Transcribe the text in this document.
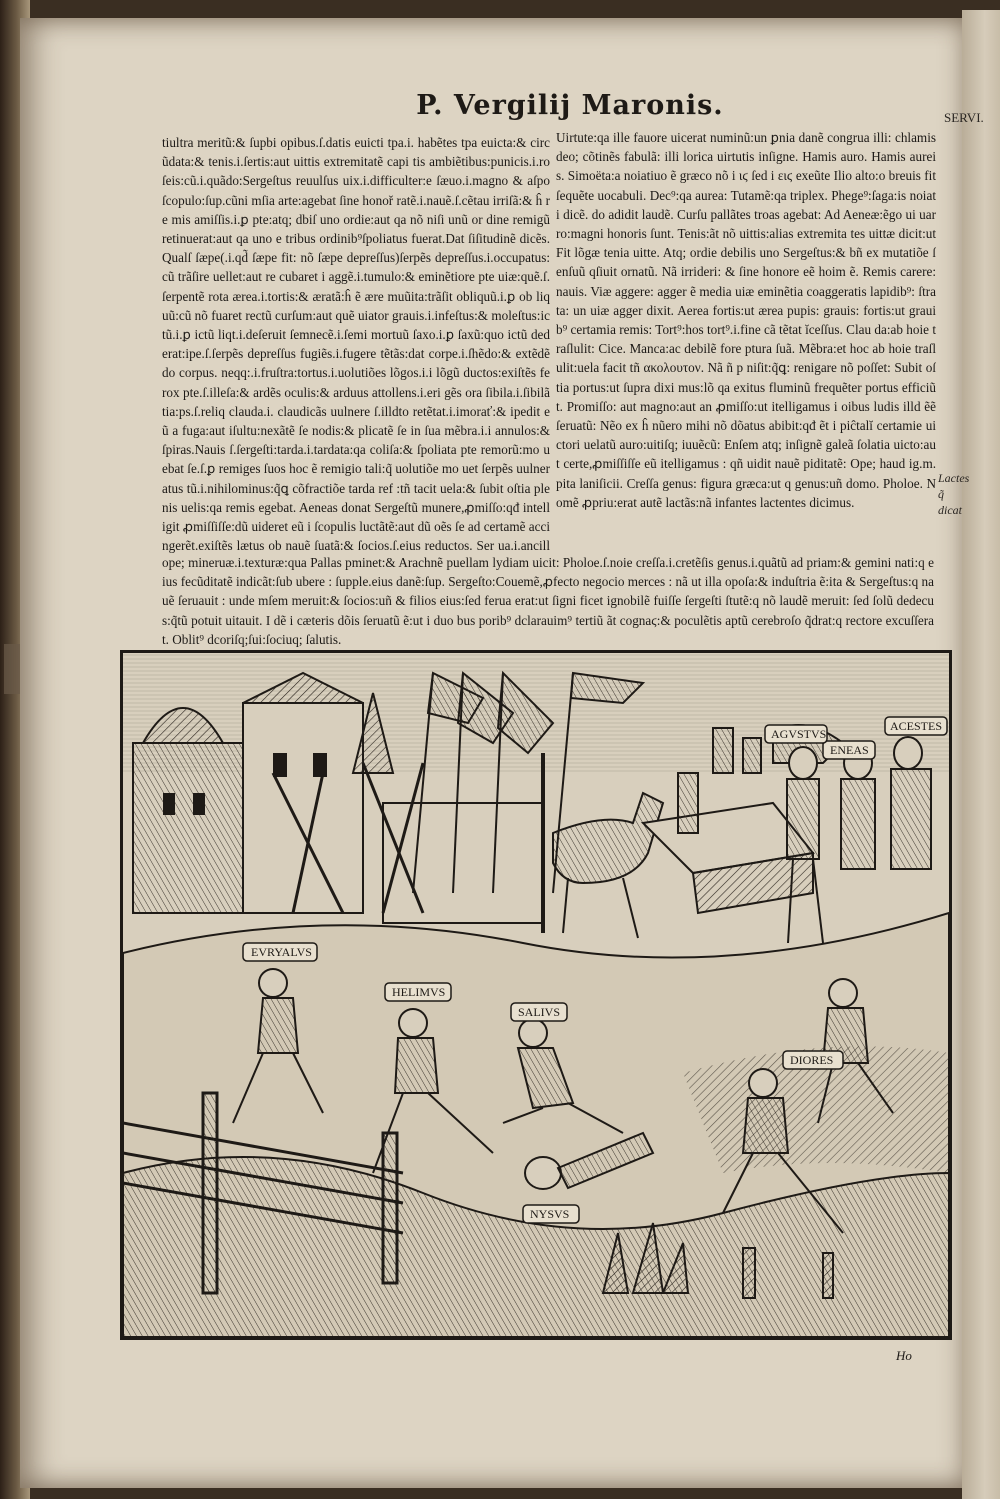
SERVI.
P. Vergilij Maronis.
tiultra meritũ:& ſupbi opibus.ſ.datis euicti tpa.i. habẽtes tpa euicta:& circũdata:& tenis.i.ſertis:aut uittis extremitatẽ capi tis ambiẽtibus:punicis.i.roſeis:cũ.i.quãdo:Sergeſtus reuulſus uix.i.difficulter:e ſæuo.i.magno & aſpo ſcopulo:ſup.cũni mſia arte:agebat ſine honoř ratẽ.i.nauẽ.ſ.cẽtau irriſã:& ĥ re mis amiſſis.i.ꝑ pte:atq; dbiſ uno ordie:aut qa nõ niſi unũ or dine remigũ retinuerat:aut qa uno e tribus ordinib⁹ſpoliatus fuerat.Dat ſiſitudinẽ dicẽs.Qualſ ſæpe(.i.qd̃ ſæpe fit: nõ ſæpe depreſſus)ſerpẽs depreſſus.i.occupatus:cũ trãſire uellet:aut re cubaret i aggẽ.i.tumulo:& eminẽtiore pte uiæ:quẽ.ſ.ſerpentẽ rota ærea.i.tortis:& æratã:ĥ ẽ ære muũita:trãſit obliquũ.i.ꝑ ob liquũ:cũ nõ fuaret rectũ curſum:aut quẽ uiator grauis.i.infeſtus:& moleſtus:ictũ.i.ꝑ ictũ liqt.i.deſeruit ſemnecẽ.i.ſemi mortuũ ſaxo.i.ꝑ ſaxũ:quo ictũ dederat:ipe.ſ.ſerpẽs depreſſus fugiẽs.i.fugere tẽtãs:dat corpe.i.ſhẽdo:& extẽdẽdo corpus. neqq:.i.fruſtra:tortus.i.uolutiões lõgos.i.i lõgũ ductos:exiſtẽs ferox pte.ſ.illeſa:& ardẽs oculis:& arduus attollens.i.eri gẽs ora ſibila.i.ſibilãtia:ps.ſ.reliq clauda.i. claudicãs uulnere ſ.illdto retẽtat.i.imorať:& ipedit eũ a fuga:aut iſultu:nexãtẽ ſe nodis:& plicatẽ ſe in ſua mẽbra.i.i annulos:& ſpiras.Nauis ſ.ſergeſti:tarda.i.tardata:qa coliſa:& ſpoliata pte remorũ:mo uebat ſe.ſ.ꝑ remiges ſuos hoc ẽ remigio tali:q̃ uolutiõe mo uet ſerpẽs uulneratus tũ.i.nihilominus:q̃ꝗ cõfractiõe tarda ref :tñ tacit uela:& ſubit oſtia plenis uelis:qa remis egebat. Aeneas donat Sergeſtũ munere,ꝓmiſſo:qđ intelligit ꝓmiſſiſſe:dũ uideret eũ i ſcopulis luctãtẽ:aut dũ oẽs ſe ad certamẽ accingerẽt.exiſtẽs lætus ob nauẽ ſuatã:& ſocios.ſ.eius reductos. Ser ua.i.ancill
Uirtute:qa ille fauore uicerat numinũ:un ꝑnia danẽ congrua illi: chlamis deo; cõtinẽs fabulã: illi lorica uirtutis inſigne. Hamis auro. Hamis aureis. Simoëta:a noiatiuo ẽ græco nõ i ιϛ ſed i ειϛ exeũte Ilio alto:o breuis fit ſequẽte uocabuli. Dec⁹:qa aurea: Tutamẽ:qa triplex. Phege⁹:ſaga:is noiati dicẽ. do adidit laudẽ. Curſu pallãtes troas agebat: Ad Aeneæ:ẽgo ui uarro:magni honoris ſunt. Tenis:ãt nõ uittis:alias extremita tes uittæ dicit:ut Fit lõgæ tenia uitte. Atq; ordie debilis uno Sergeſtus:& bñ ex mutatiõe ſenſuũ qſiuit ornatũ. Nã irrideri: & ſine honore eẽ hoim ẽ. Remis carere: nauis. Viæ aggere: agger ẽ media uiæ eminẽtia coaggeratis lapidib⁹: ſtrata: un uiæ agger dixit. Aerea fortis:ut ærea pupis: grauis: fortis:ut graui b⁹ certamia remis: Tort⁹:hos tort⁹.i.fine cã tẽtat ĭceſſus. Clau da:ab hoie traſlulit: Cice. Manca:ac debilẽ fore ptura ſuã. Mẽbra:et hoc ab hoie traſlulit:uela facit tñ ακολουτον. Nã ñ p niſit:q̃ꝗ: renigare nõ poſſet: Subit oſtia portus:ut ſupra dixi mus:lõ qa exitus fluminũ frequẽter portus efficiũt. Promiſſo: aut magno:aut an ꝓmiſſo:ut itelligamus i oibus ludis illd ẽẽ ſeruatũ: Nẽo ex ĥ nũero mihi nõ dõatus abibit:qđ ẽt i piĉtalĭ certamie uictori uelatũ auro:uitiſq; iuuẽcũ: Enſem atq; inſignẽ galeã ſolatia uicto:aut certe,ꝓmiſſiſſe eũ itelligamus : qñ uidit nauẽ piditatẽ: Ope; haud ig.m.pita laniſicii. Creſſa genus: figura græca:ut q genus:uñ domo. Pholoe. Nomẽ ꝓpriu:erat autẽ lactãs:nã infantes lactentes dicimus.
ope; mineruæ.i.texturæ:qua Pallas pminet:& Arachnẽ puellam lydiam uicit: Pholoe.ſ.noie creſſa.i.cretẽſis genus.i.quãtũ ad priam:& gemini nati:q eius fecũditatẽ indicãt:ſub ubere : ſupple.eius danẽ:ſup. Sergeſto:Couemẽ,ꝓfecto negocio merces : nã ut illa opoſa:& induſtria ẽ:ita & Sergeſtus:q nauẽ ſeruauit : unde mſem meruit:& ſocios:uñ & filios eius:ſed ferua erat:ut ſigni ficet ignobilẽ fuiſſe ſergeſti ſtutẽ:q nõ laudẽ meruit: ſed ſolũ dedecus:q̃tũ potuit uitauit. I dẽ i cæteris dõis ſeruatũ ẽ:ut i duo bus porib⁹ dclarauim⁹ tertiũ ãt cognaϛ:& poculẽtis aptũ cerebroſo q̃drat:q rectore excuſſerat. Oblit⁹ dcoriſq;ſui:ſociuq; ſalutis.
Lactes q̃ dicat
EVRYALVS
HELIMVS
SALIVS
NYSVS
DIORES
ENEAS
ACESTES
AGVSTVS
Ho
